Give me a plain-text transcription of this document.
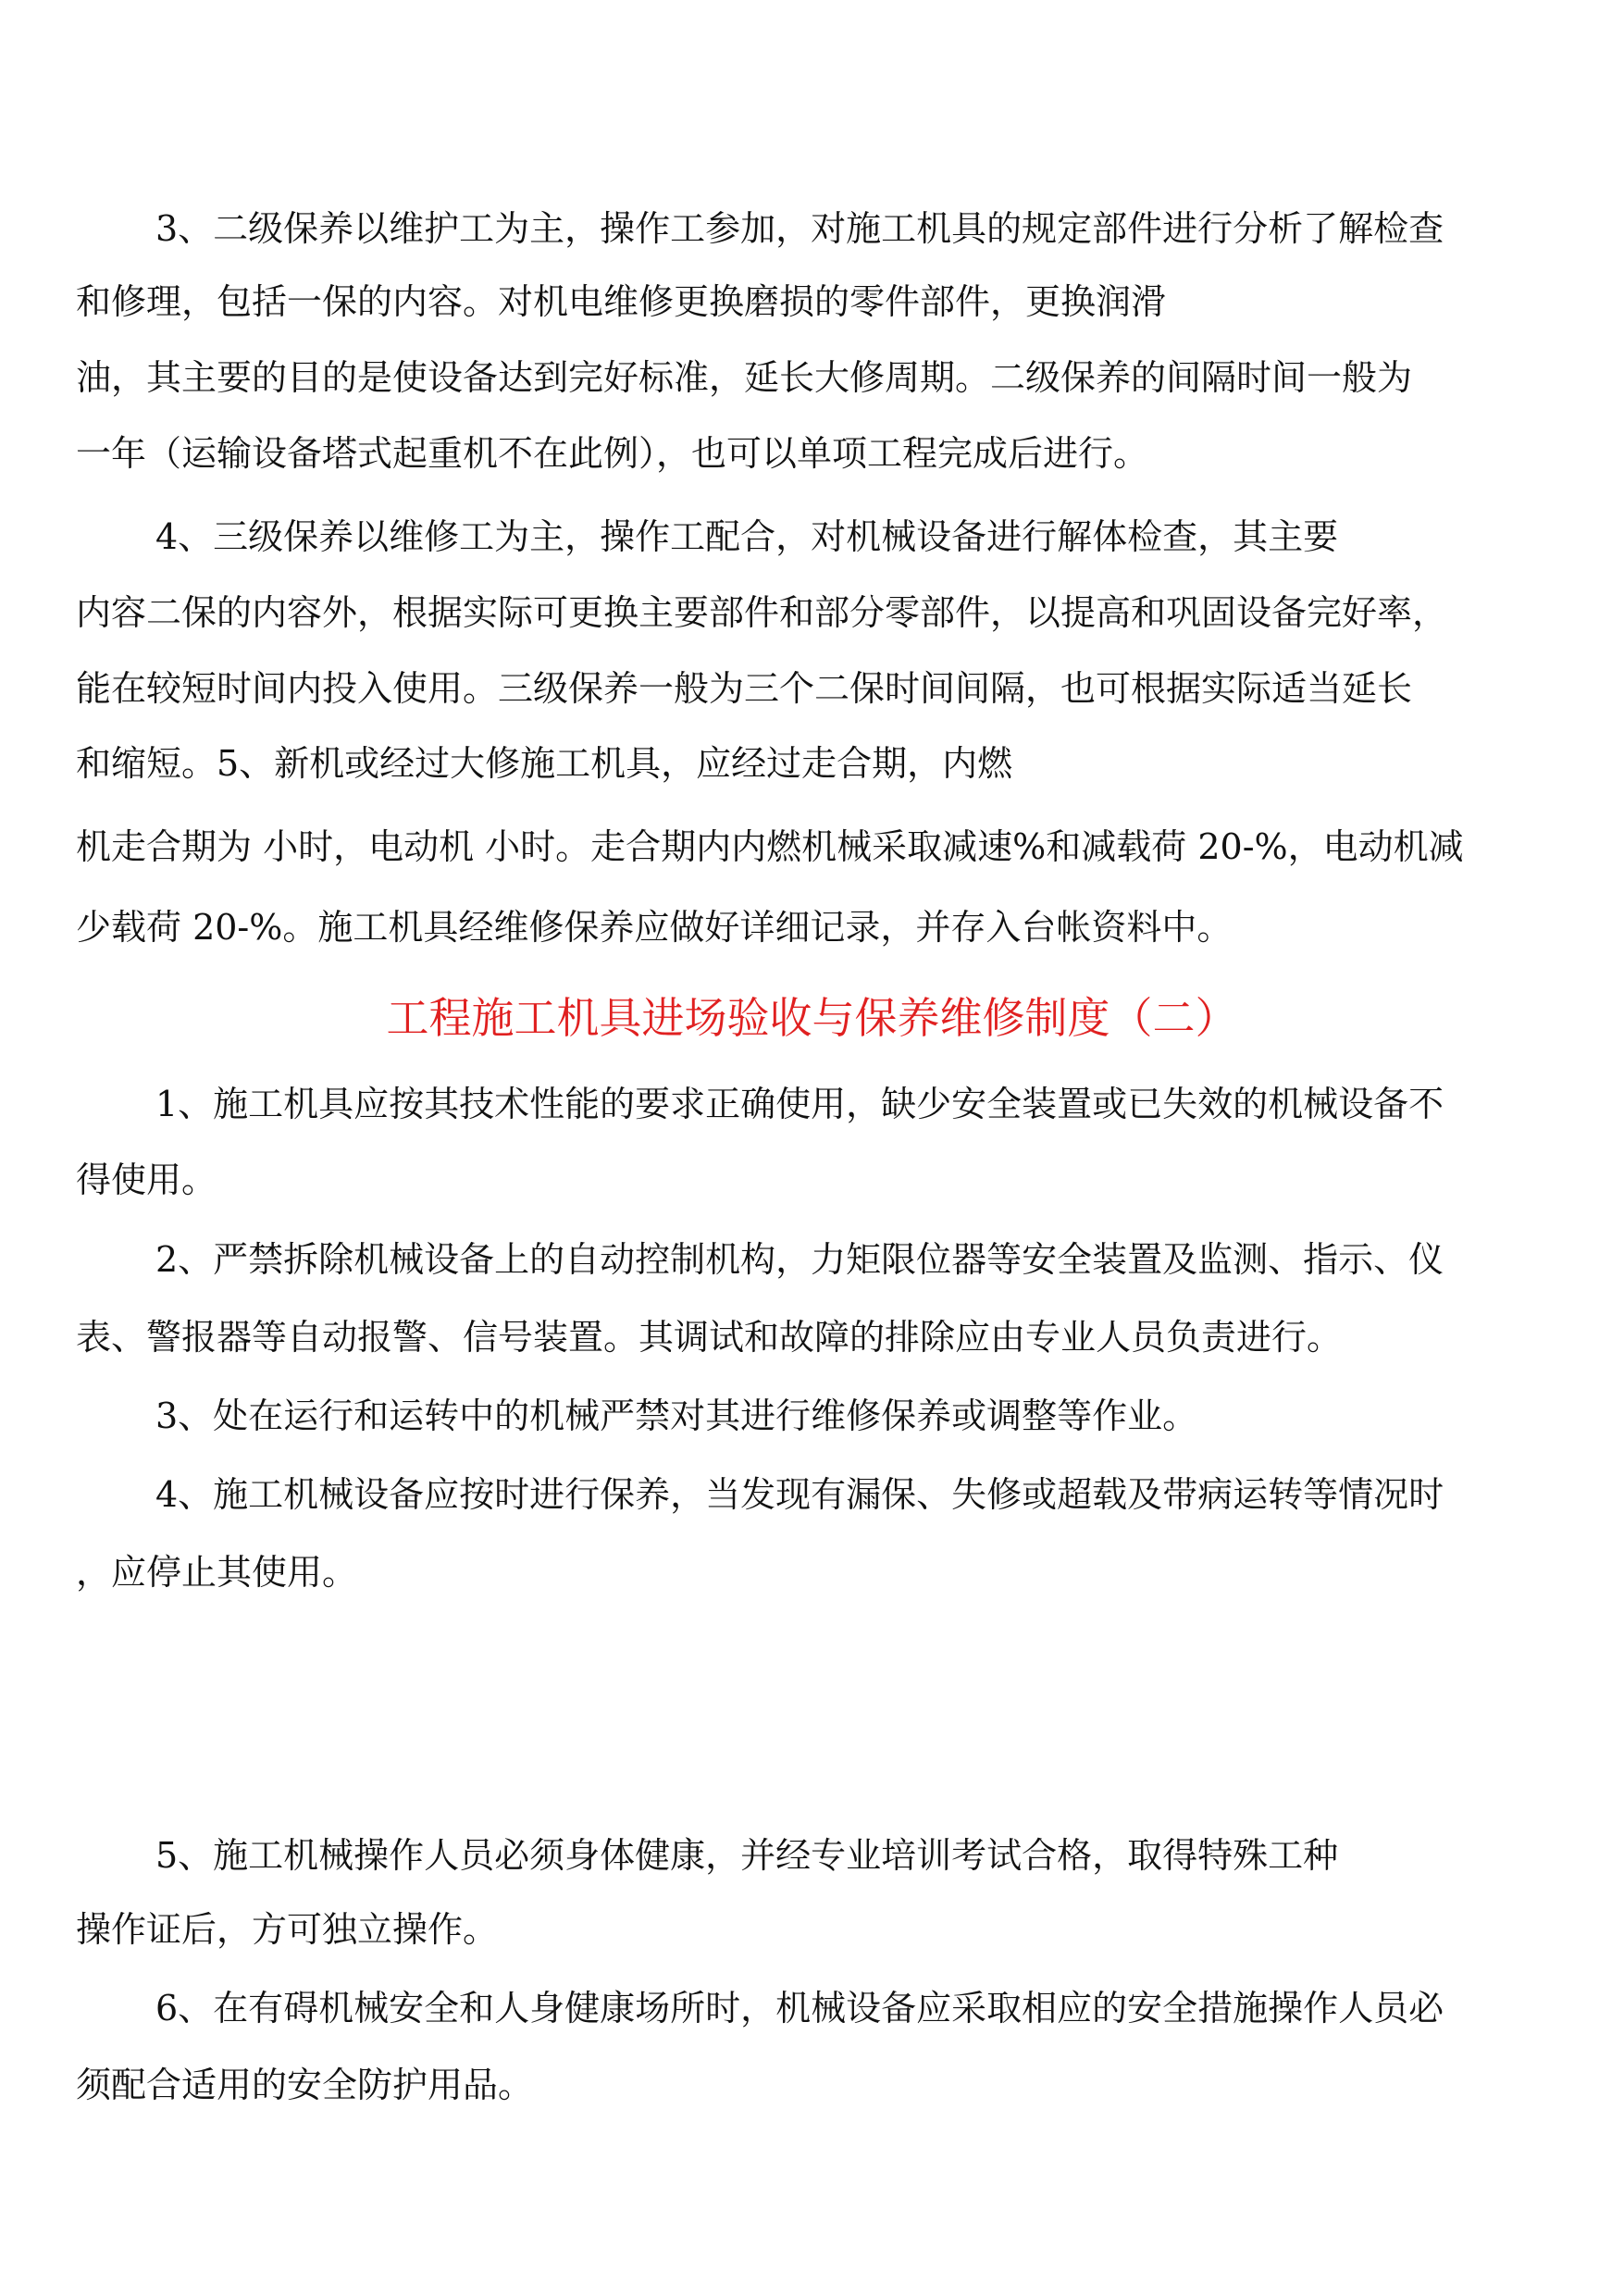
3、二级保养以维护工为主，操作工参加，对施工机具的规定部件进行分析了解检查
和修理，包括一保的内容。对机电维修更换磨损的零件部件，更换润滑
油，其主要的目的是使设备达到完好标准，延长大修周期。二级保养的间隔时间一般为
一年（运输设备塔式起重机不在此例），也可以单项工程完成后进行。
4、三级保养以维修工为主，操作工配合，对机械设备进行解体检查，其主要
内容二保的内容外，根据实际可更换主要部件和部分零部件，以提高和巩固设备完好率，
能在较短时间内投入使用。三级保养一般为三个二保时间间隔，也可根据实际适当延长
和缩短。5、新机或经过大修施工机具，应经过走合期，内燃
机走合期为 小时，电动机 小时。走合期内内燃机械采取减速%和减载荷 20-%，电动机减
少载荷 20-%。施工机具经维修保养应做好详细记录，并存入台帐资料中。
工程施工机具进场验收与保养维修制度（二）
1、施工机具应按其技术性能的要求正确使用，缺少安全装置或已失效的机械设备不
得使用。
2、严禁拆除机械设备上的自动控制机构，力矩限位器等安全装置及监测、指示、仪
表、警报器等自动报警、信号装置。其调试和故障的排除应由专业人员负责进行。
3、处在运行和运转中的机械严禁对其进行维修保养或调整等作业。
4、施工机械设备应按时进行保养，当发现有漏保、失修或超载及带病运转等情况时
，应停止其使用。
5、施工机械操作人员必须身体健康，并经专业培训考试合格，取得特殊工种
操作证后，方可独立操作。
6、在有碍机械安全和人身健康场所时，机械设备应采取相应的安全措施操作人员必
须配合适用的安全防护用品。
